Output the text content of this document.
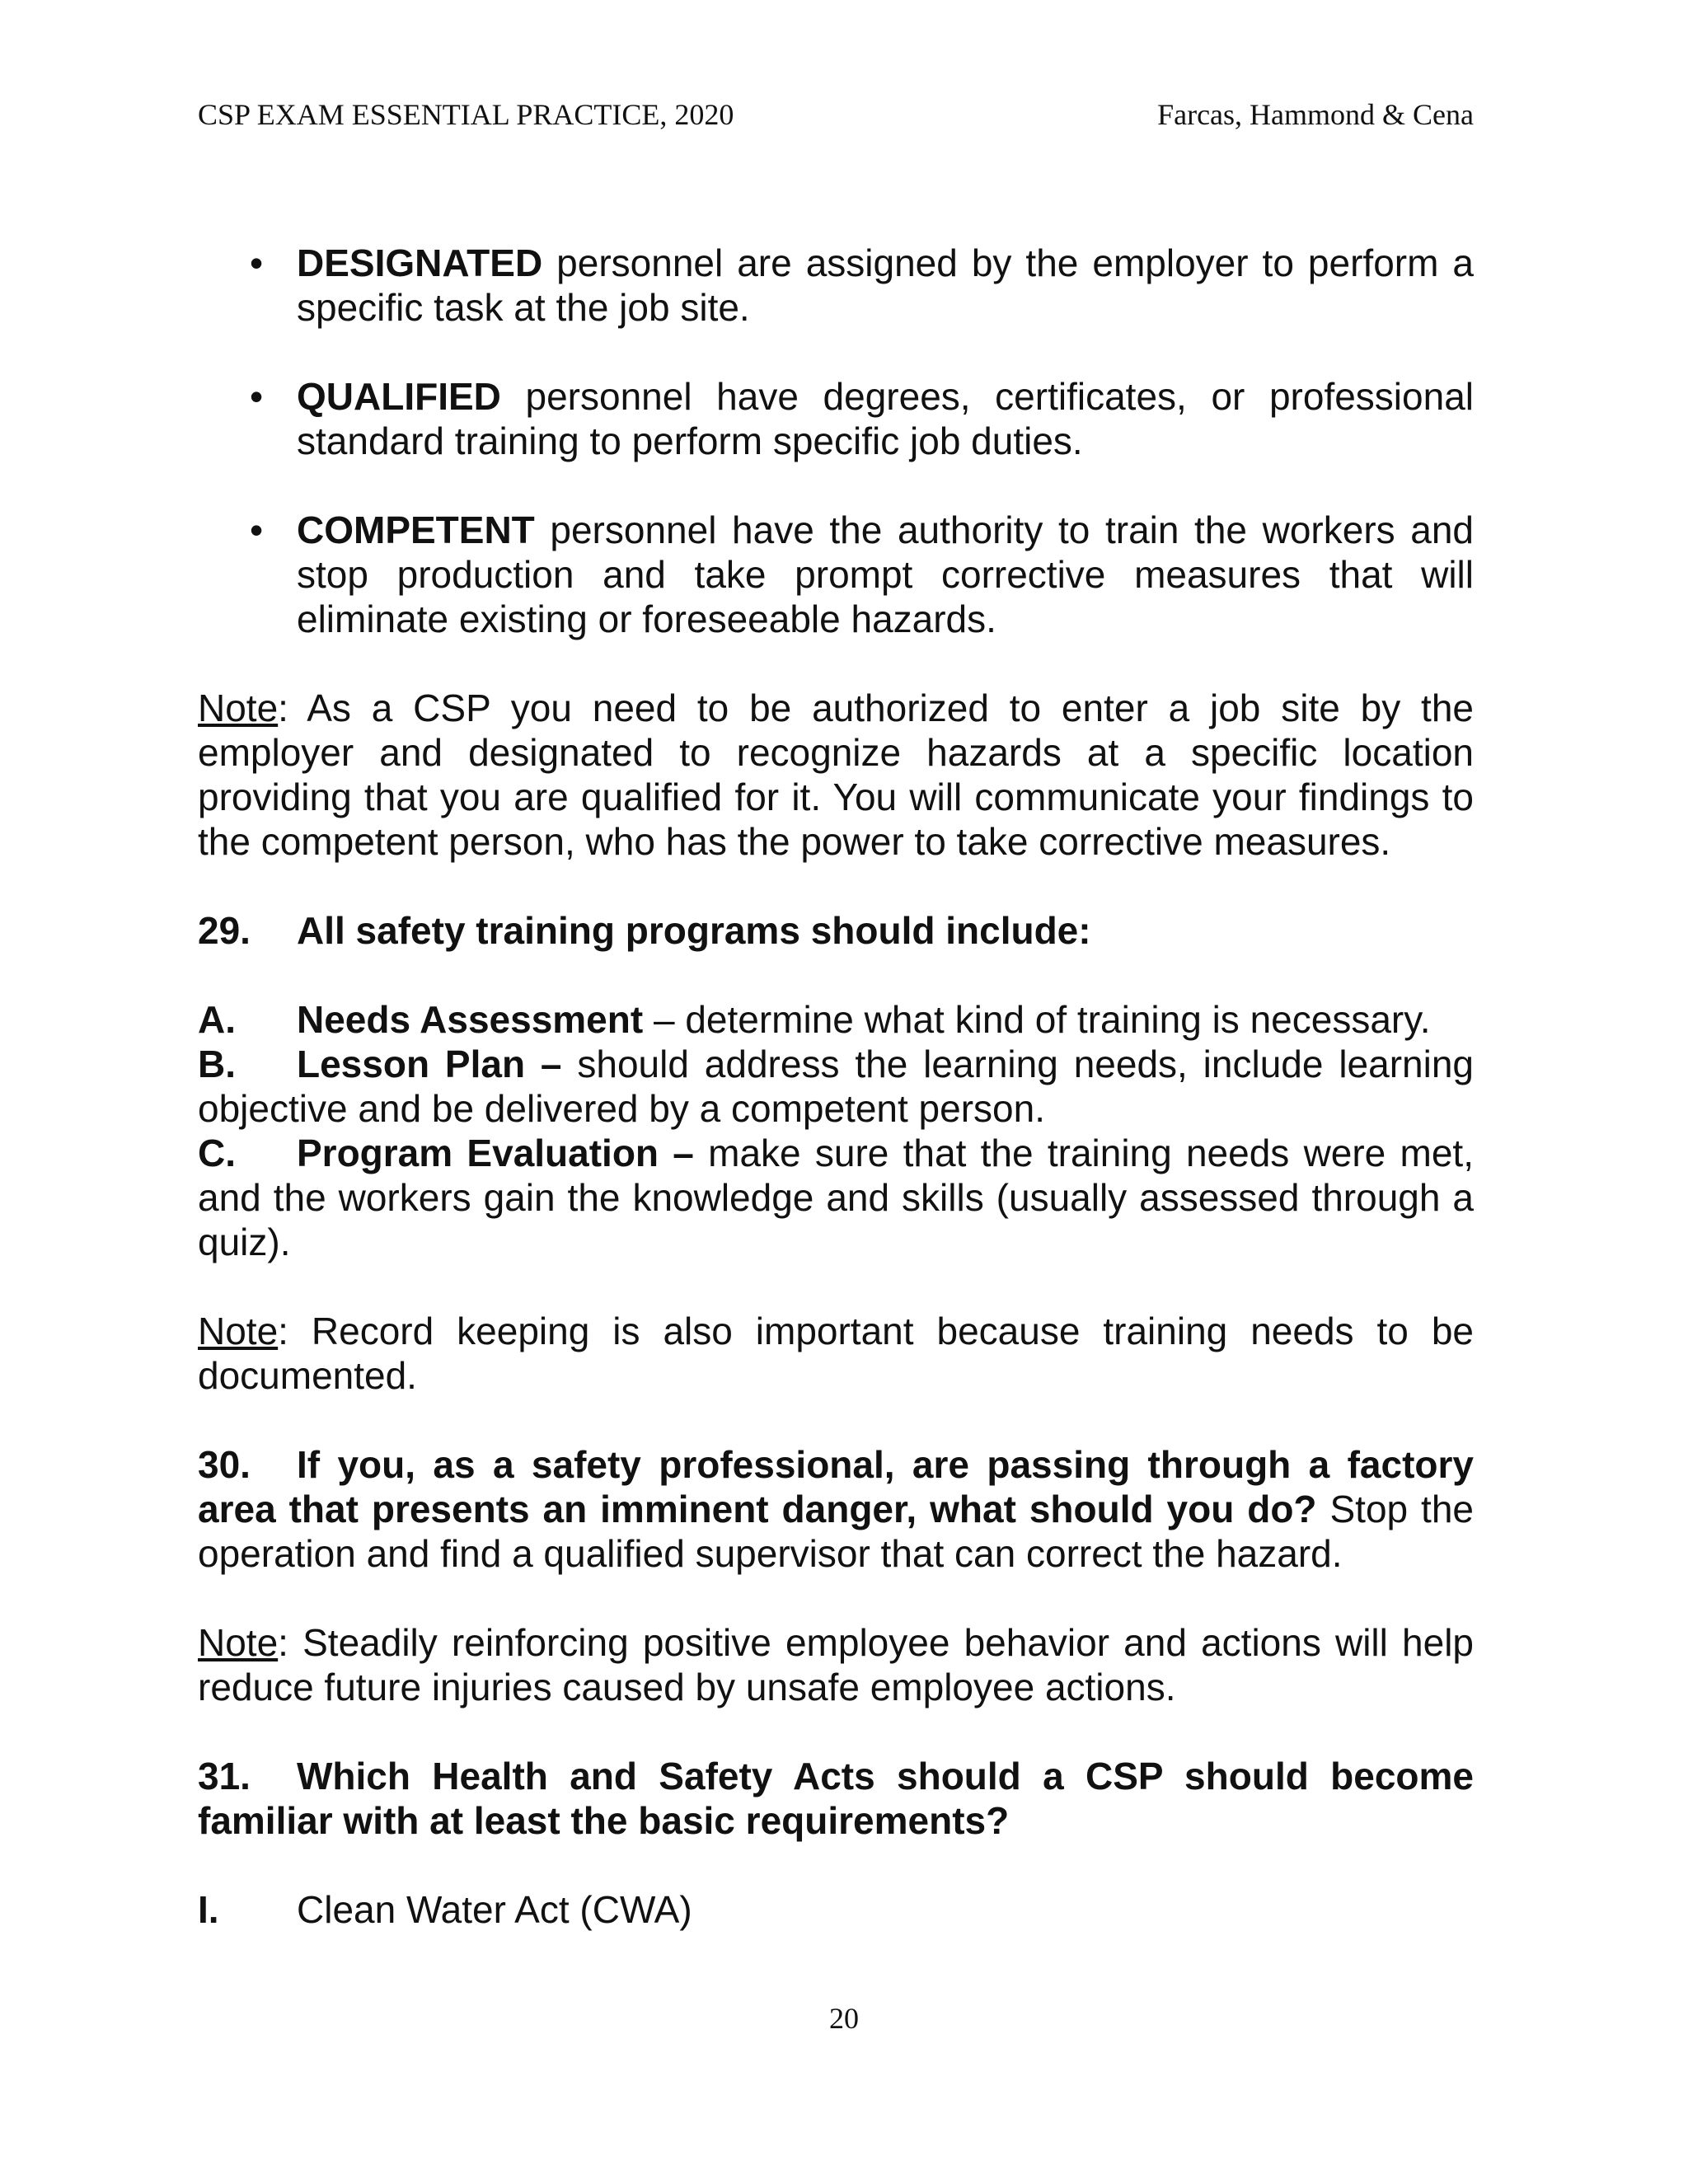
CSP EXAM ESSENTIAL PRACTICE, 2020	Farcas, Hammond & Cena
•
DESIGNATED personnel are assigned by the employer to perform a specific task at the job site.
•
QUALIFIED personnel have degrees, certificates, or professional standard training to perform specific job duties.
•
COMPETENT personnel have the authority to train the workers and stop production and take prompt corrective measures that will eliminate existing or foreseeable hazards.

Note: As a CSP you need to be authorized to enter a job site by the employer and designated to recognize hazards at a specific location providing that you are qualified for it. You will communicate your findings to the competent person, who has the power to take corrective measures.

29.	All safety training programs should include:

A. Needs Assessment – determine what kind of training is necessary.

B. Lesson Plan – should address the learning needs, include learning objective and be delivered by a competent person.

C. Program Evaluation – make sure that the training needs were met, and the workers gain the knowledge and skills (usually assessed through a quiz).

Note: Record keeping is also important because training needs to be documented.

30. If you, as a safety professional, are passing through a factory area that presents an imminent danger, what should you do? Stop the operation and find a qualified supervisor that can correct the hazard.

Note: Steadily reinforcing positive employee behavior and actions will help reduce future injuries caused by unsafe employee actions.

31. Which Health and Safety Acts should a CSP should become familiar with at least the basic requirements?

I. Clean Water Act (CWA)

20
